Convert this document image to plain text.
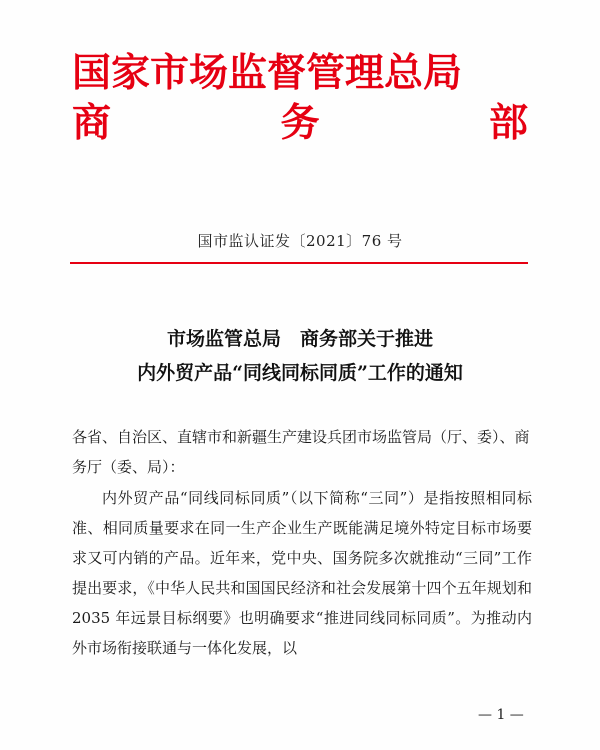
国家市场监督管理总局
商	务	部
国市监认证发〔2021〕76 号
市场监管总局　商务部关于推进
内外贸产品“同线同标同质”工作的通知
各省、自治区、直辖市和新疆生产建设兵团市场监管局（厅、委）、商务厅（委、局）：
内外贸产品“同线同标同质”（以下简称“三同”）是指按照相同标准、相同质量要求在同一生产企业生产既能满足境外特定目标市场要求又可内销的产品。近年来，党中央、国务院多次就推动“三同”工作提出要求，《中华人民共和国国民经济和社会发展第十四个五年规划和 2035 年远景目标纲要》也明确要求“推进同线同标同质”。为推动内外市场衔接联通与一体化发展，以
— 1 —
